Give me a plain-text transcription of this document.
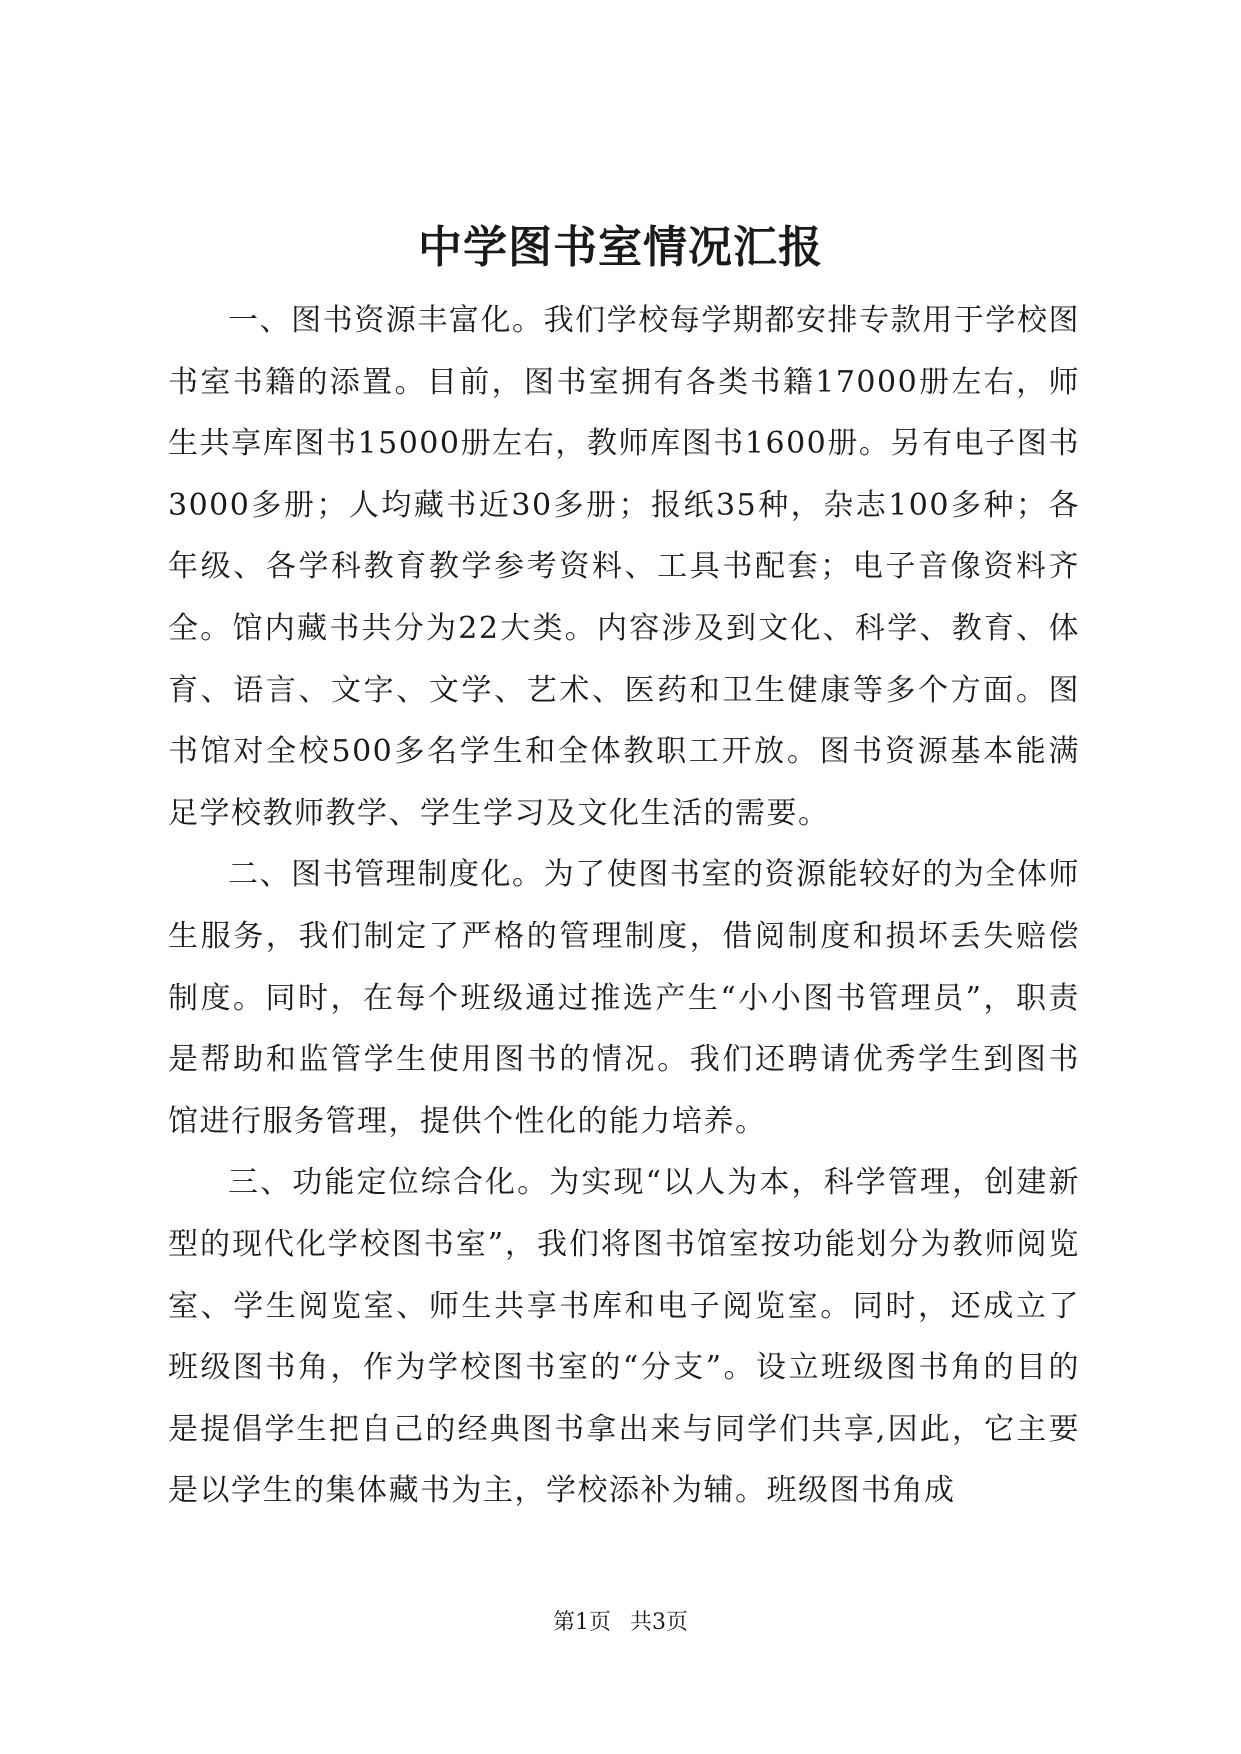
中学图书室情况汇报

一、图书资源丰富化。我们学校每学期都安排专款用于学校图书室书籍的添置。目前，图书室拥有各类书籍17000册左右，师生共享库图书15000册左右，教师库图书1600册。另有电子图书3000多册；人均藏书近30多册；报纸35种，杂志100多种；各年级、各学科教育教学参考资料、工具书配套；电子音像资料齐全。馆内藏书共分为22大类。内容涉及到文化、科学、教育、体育、语言、文字、文学、艺术、医药和卫生健康等多个方面。图书馆对全校500多名学生和全体教职工开放。图书资源基本能满足学校教师教学、学生学习及文化生活的需要。

二、图书管理制度化。为了使图书室的资源能较好的为全体师生服务，我们制定了严格的管理制度，借阅制度和损坏丢失赔偿制度。同时，在每个班级通过推选产生“小小图书管理员”，职责是帮助和监管学生使用图书的情况。我们还聘请优秀学生到图书馆进行服务管理，提供个性化的能力培养。

三、功能定位综合化。为实现“以人为本，科学管理，创建新型的现代化学校图书室”，我们将图书馆室按功能划分为教师阅览室、学生阅览室、师生共享书库和电子阅览室。同时，还成立了班级图书角，作为学校图书室的“分支”。设立班级图书角的目的是提倡学生把自己的经典图书拿出来与同学们共享,因此，它主要是以学生的集体藏书为主，学校添补为辅。班级图书角成

第1页 共3页
